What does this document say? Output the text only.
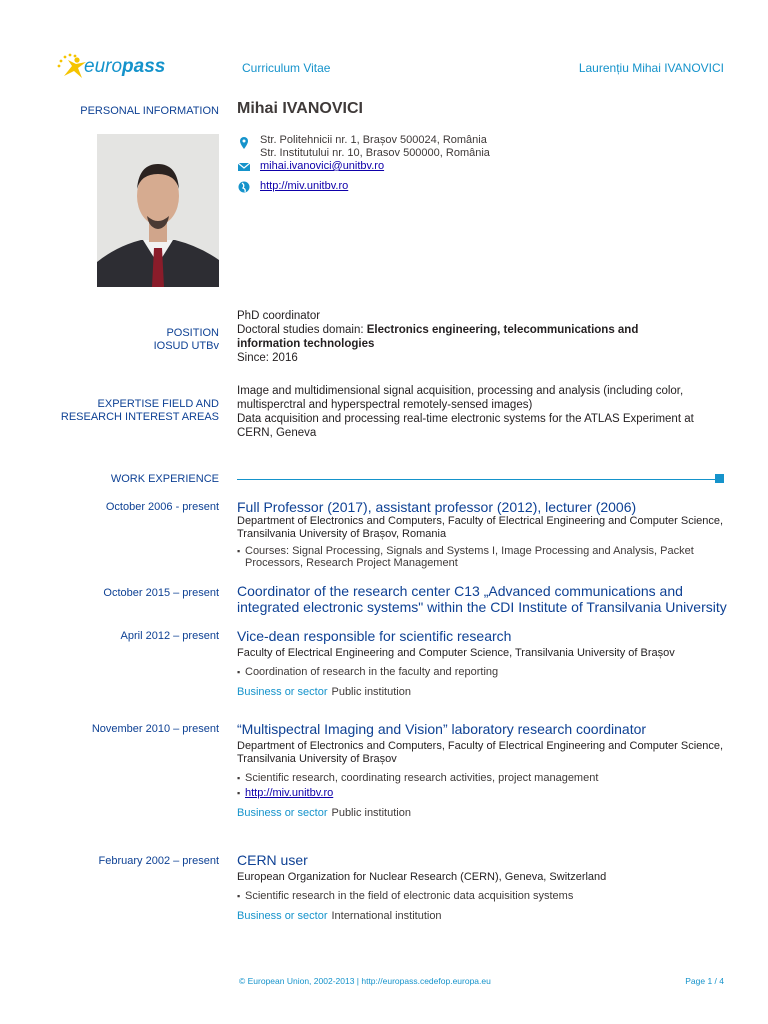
europass	Curriculum Vitae	Laurențiu Mihai IVANOVICI
PERSONAL INFORMATION Mihai IVANOVICI
Str. Politehnicii nr. 1, Brașov 500024, România
Str. Institutului nr. 10, Brasov 500000, România
mihai.ivanovici@unitbv.ro
http://miv.unitbv.ro
POSITION
IOSUD UTBv
PhD coordinator
Doctoral studies domain: Electronics engineering, telecommunications and
information technologies
Since: 2016
EXPERTISE FIELD AND
RESEARCH INTEREST AREAS
Image and multidimensional signal acquisition, processing and analysis (including color,
multisperctral and hyperspectral remotely-sensed images)
Data acquisition and processing real-time electronic systems for the ATLAS Experiment at
CERN, Geneva
WORK EXPERIENCE
October 2006 - present Full Professor (2017), assistant professor (2012), lecturer (2006)
Department of Electronics and Computers, Faculty of Electrical Engineering and Computer Science,
Transilvania University of Brașov, Romania
▪ Courses: Signal Processing, Signals and Systems I, Image Processing and Analysis, Packet
Processors, Research Project Management
October 2015 – present Coordinator of the research center C13 „Advanced communications and
integrated electronic systems" within the CDI Institute of Transilvania University
April 2012 – present Vice-dean responsible for scientific research
Faculty of Electrical Engineering and Computer Science, Transilvania University of Brașov
▪ Coordination of research in the faculty and reporting
Business or sector Public institution
November 2010 – present “Multispectral Imaging and Vision” laboratory research coordinator
Department of Electronics and Computers, Faculty of Electrical Engineering and Computer Science,
Transilvania University of Brașov
▪ Scientific research, coordinating research activities, project management
▪ http://miv.unitbv.ro
Business or sector Public institution
February 2002 – present CERN user
European Organization for Nuclear Research (CERN), Geneva, Switzerland
▪ Scientific research in the field of electronic data acquisition systems
Business or sector International institution
© European Union, 2002-2013 | http://europass.cedefop.europa.eu	Page 1 / 4
